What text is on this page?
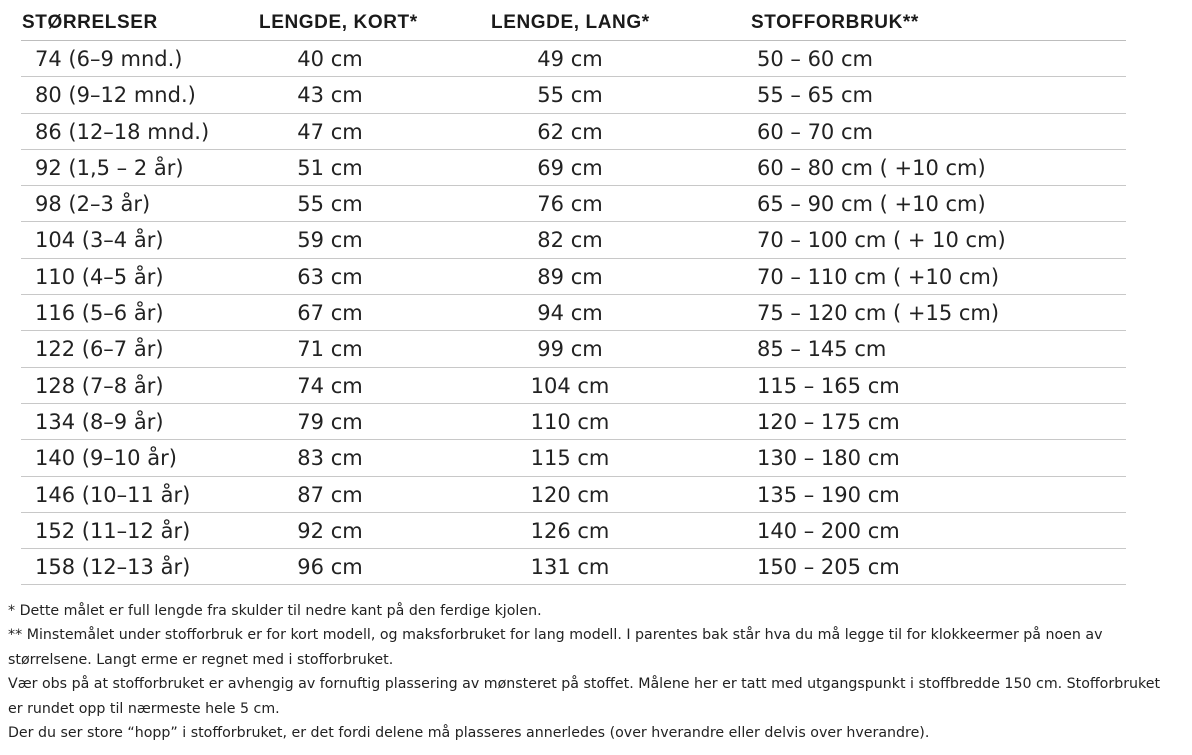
STØRRELSER	LENGDE, KORT*	LENGDE, LANG*	STOFFORBRUK**
74 (6–9 mnd.)	40 cm	49 cm	50 – 60 cm
80 (9–12 mnd.)	43 cm	55 cm	55 – 65 cm
86 (12–18 mnd.)	47 cm	62 cm	60 – 70 cm
92 (1,5 – 2 år)	51 cm	69 cm	60 – 80 cm ( +10 cm)
98 (2–3 år)	55 cm	76 cm	65 – 90 cm ( +10 cm)
104 (3–4 år)	59 cm	82 cm	70 – 100 cm ( + 10 cm)
110 (4–5 år)	63 cm	89 cm	70 – 110 cm ( +10 cm)
116 (5–6 år)	67 cm	94 cm	75 – 120 cm ( +15 cm)
122 (6–7 år)	71 cm	99 cm	85 – 145 cm
128 (7–8 år)	74 cm	104 cm	115 – 165 cm
134 (8–9 år)	79 cm	110 cm	120 – 175 cm
140 (9–10 år)	83 cm	115 cm	130 – 180 cm
146 (10–11 år)	87 cm	120 cm	135 – 190 cm
152 (11–12 år)	92 cm	126 cm	140 – 200 cm
158 (12–13 år)	96 cm	131 cm	150 – 205 cm

* Dette målet er full lengde fra skulder til nedre kant på den ferdige kjolen.

** Minstemålet under stofforbruk er for kort modell, og maksforbruket for lang modell. I parentes bak står hva du må legge til for klokkeermer på noen av størrelsene. Langt erme er regnet med i stofforbruket.

Vær obs på at stofforbruket er avhengig av fornuftig plassering av mønsteret på stoffet. Målene her er tatt med utgangspunkt i stoffbredde 150 cm. Stofforbruket er rundet opp til nærmeste hele 5 cm.

Der du ser store “hopp” i stofforbruket, er det fordi delene må plasseres annerledes (over hverandre eller delvis over hverandre).
